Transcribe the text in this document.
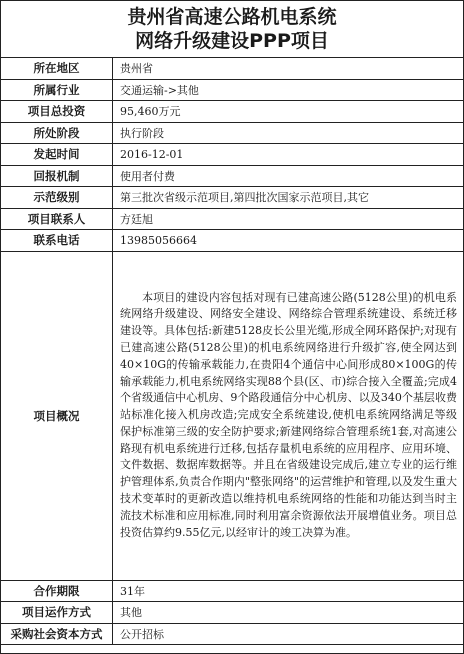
贵州省高速公路机电系统
网络升级建设PPP项目
所在地区	贵州省
所属行业	交通运输->其他
项目总投资	95,460万元
所处阶段	执行阶段
发起时间	2016-12-01
回报机制	使用者付费
示范级别	第三批次省级示范项目,第四批次国家示范项目,其它
项目联系人	方廷旭
联系电话	13985056664
项目概况	本项目的建设内容包括对现有已建高速公路(5128公里)的机电系统网络升级建设、网络安全建设、网络综合管理系统建设、系统迁移建设等。具体包括:新建5128皮长公里光缆,形成全网环路保护;对现有已建高速公路(5128公里)的机电系统网络进行升级扩容,使全网达到40×10G的传输承载能力,在贵阳4个通信中心间形成80×100G的传输承载能力,机电系统网络实现88个县(区、市)综合接入全覆盖;完成4个省级通信中心机房、9个路段通信分中心机房、以及340个基层收费站标准化接入机房改造;完成安全系统建设,使机电系统网络满足等级保护标准第三级的安全防护要求;新建网络综合管理系统1套,对高速公路现有机电系统进行迁移,包括存量机电系统的应用程序、应用环境、文件数据、数据库数据等。并且在省级建设完成后,建立专业的运行维护管理体系,负责合作期内"整张网络"的运营维护和管理,以及发生重大技术变革时的更新改造以维持机电系统网络的性能和功能达到当时主流技术标准和应用标准,同时利用富余资源依法开展增值业务。项目总投资估算约9.55亿元,以经审计的竣工决算为准。

合作期限	31年
项目运作方式	其他
采购社会资本方式	公开招标
